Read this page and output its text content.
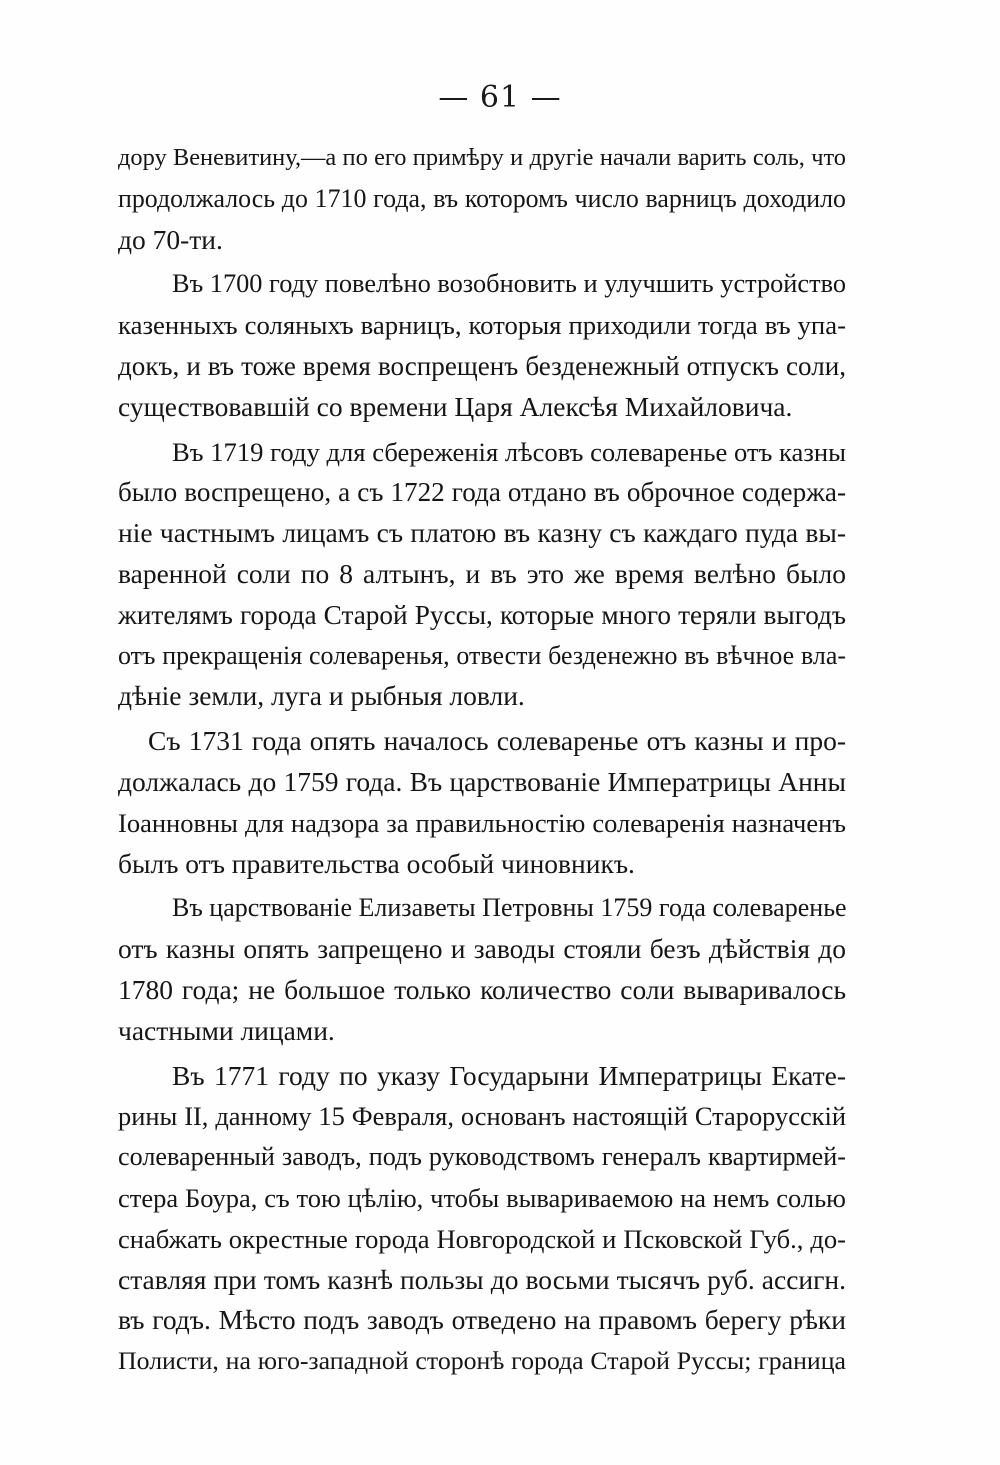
— 61 —
дору Веневитину,—а по его примѣру и другіе начали варить соль, что
продолжалось до 1710 года, въ которомъ число варницъ доходило
до 70-ти.
Въ 1700 году повелѣно возобновить и улучшить устройство
казенныхъ соляныхъ варницъ, которыя приходили тогда въ упа-
докъ, и въ тоже время воспрещенъ безденежный отпускъ соли,
существовавшій со времени Царя Алексѣя Михайловича.
Въ 1719 году для сбереженія лѣсовъ солеваренье отъ казны
было воспрещено, а съ 1722 года отдано въ оброчное содержа-
ніе частнымъ лицамъ съ платою въ казну съ каждаго пуда вы-
варенной соли по 8 алтынъ, и въ это же время велѣно было
жителямъ города Старой Руссы, которые много теряли выгодъ
отъ прекращенія солеваренья, отвести безденежно въ вѣчное вла-
дѣніе земли, луга и рыбныя ловли.
Съ 1731 года опять началось солевареньe отъ казны и про-
должалась до 1759 года. Въ царствованіе Императрицы Анны
Іоанновны для надзора за правильностію солеваренія назначенъ
былъ отъ правительства особый чиновникъ.
Въ царствованіе Елизаветы Петровны 1759 года солеваренье
отъ казны опять запрещено и заводы стояли безъ дѣйствія до
1780 года; не большое только количество соли вываривалось
частными лицами.
Въ 1771 году по указу Государыни Императрицы Екате-
рины II, данному 15 Февраля, основанъ настоящій Старорусскій
солеваренный заводъ, подъ руководствомъ генералъ квартирмей-
стера Боура, съ тою цѣлію, чтобы вывариваемою на немъ солью
снабжать окрестные города Новгородской и Псковской Губ., до-
ставляя при томъ казнѣ пользы до восьми тысячъ руб. ассигн.
въ годъ. Мѣсто подъ заводъ отведено на правомъ берегу рѣки
Полисти, на юго-западной сторонѣ города Старой Руссы; граница
